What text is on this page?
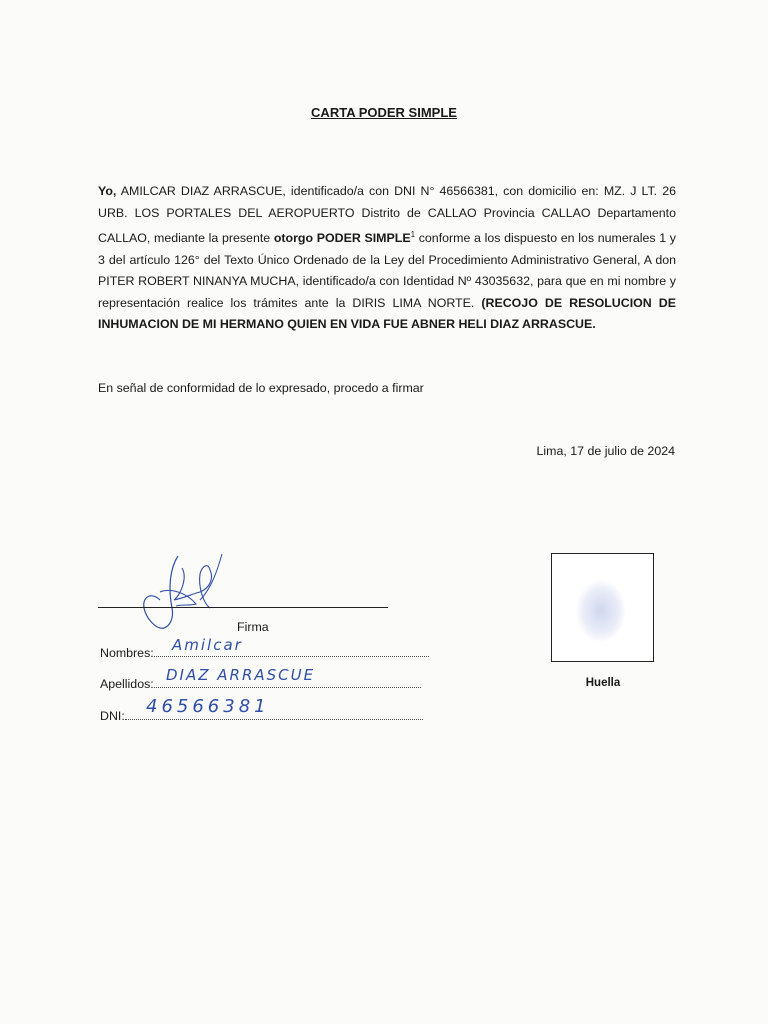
CARTA PODER SIMPLE
Yo, AMILCAR DIAZ ARRASCUE, identificado/a con DNI N° 46566381, con domicilio en: MZ. J LT. 26 URB. LOS PORTALES DEL AEROPUERTO Distrito de CALLAO Provincia CALLAO Departamento CALLAO, mediante la presente otorgo PODER SIMPLE$^1$ conforme a los dispuesto en los numerales 1 y 3 del artículo 126° del Texto Único Ordenado de la Ley del Procedimiento Administrativo General, A don PITER ROBERT NINANYA MUCHA, identificado/a con Identidad Nº 43035632, para que en mi nombre y representación realice los trámites ante la DIRIS LIMA NORTE. (RECOJO DE RESOLUCION DE INHUMACION DE MI HERMANO QUIEN EN VIDA FUE ABNER HELI DIAZ ARRASCUE.
En señal de conformidad de lo expresado, procedo a firmar
Lima, 17 de julio de 2024
Firma
Nombres:	Amilcar
Apellidos: DIAZ ARRASCUE
DNI:	46566381
Huella
